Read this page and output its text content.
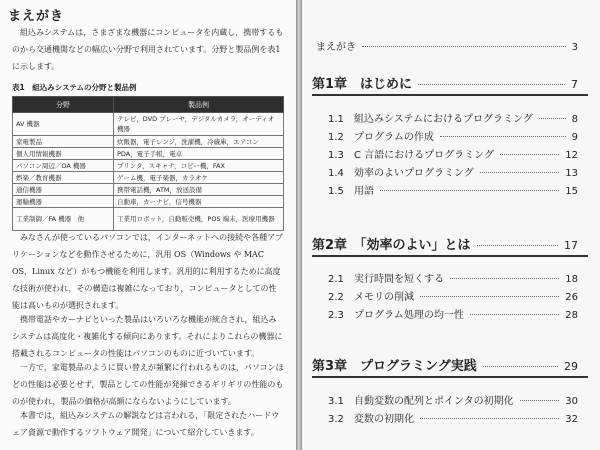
まえがき
組込みシステムは，さまざまな機器にコンピュータを内蔵し，携帯するものから交通機関などの幅広い分野で利用されています。分野と製品例を表1に示します。
表1　組込みシステムの分野と製品例
分野	製品例
AV 機器	テレビ，DVD プレーヤ，デジタルカメラ，オーディオ機器
家電製品	炊飯器，電子レンジ，洗濯機，冷蔵庫，エアコン
個人用情報機器	PDA，電子手帳，電卓
パソコン周辺／OA 機器	プリンタ，スキャナ，コピー機，FAX
娯楽／教育機器	ゲーム機，電子楽器，カラオケ
通信機器	携帯電話機，ATM，放送設備
運輸機器	自動車，カーナビ，信号機器
工業制御／FA 機器　他	工業用ロボット，自動販売機，POS 端末，医療用機器
みなさんが使っているパソコンでは，インターネットへの接続や各種アプリケーションなどを動作させるために，汎用 OS（Windows や MAC OS，Linux など）がもつ機能を利用します。汎用的に利用するために高度な技術が使われ，その構造は複雑になっており，コンピュータとしての性能は高いものが選択されます。
携帯電話やカーナビといった製品はいろいろな機能が統合され，組込みシステムは高度化・複雑化する傾向にあります。それによりこれらの機器に搭載されるコンピュータの性能はパソコンのものに近づいています。
一方で，家電製品のように買い替えが頻繁に行われるものは，パソコンほどの性能は必要とせず，製品としての性能が発揮できるギリギリの性能のものが使われ，製品の価格が高額にならないようにしています。
本書では，組込みシステムの解説などは言われる，「限定されたハードウェア資源で動作するソフトウェア開発」について紹介していきます。
まえがき	3
第1章　はじめに	7
1.1	組込みシステムにおけるプログラミング	8
1.2	プログラムの作成	9
1.3	C 言語におけるプログラミング	12
1.4	効率のよいプログラミング	13
1.5	用語	15
第2章　「効率のよい」とは	17
2.1	実行時間を短くする	18
2.2	メモリの削減	26
2.3	プログラム処理の均一性	28
第3章　プログラミング実践	29
3.1	自動変数の配列とポインタの初期化	30
3.2	変数の初期化	32
